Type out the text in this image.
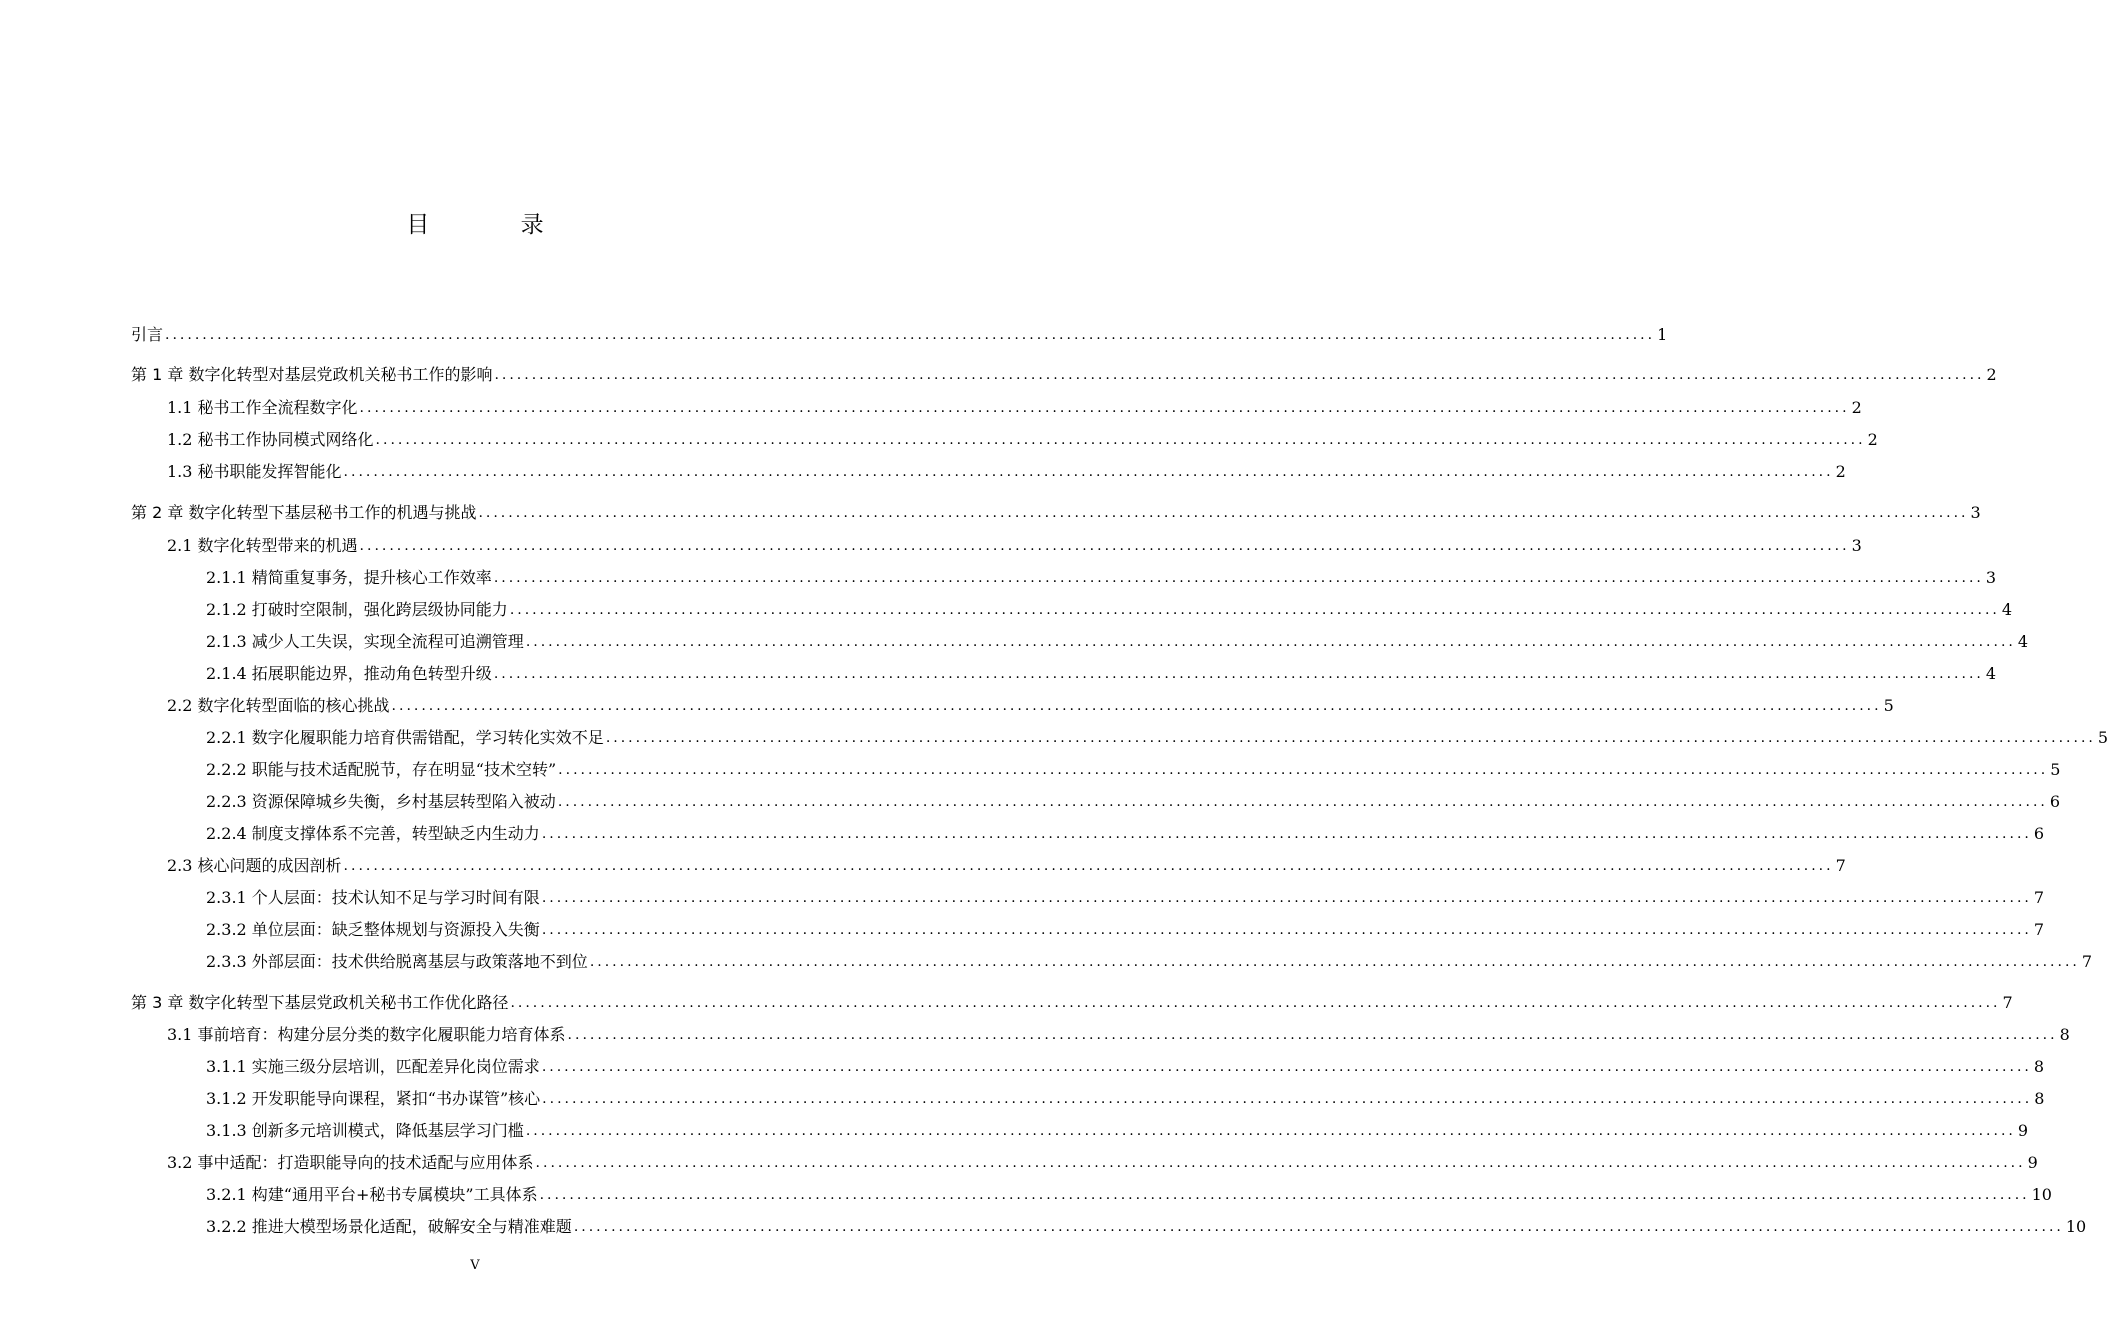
目 录
引言 ........................................................................................................................................................................................................ 1
第 1 章 数字化转型对基层党政机关秘书工作的影响 ........................................................................................................................................................................................................ 2
1.1 秘书工作全流程数字化 ........................................................................................................................................................................................................ 2
1.2 秘书工作协同模式网络化 ........................................................................................................................................................................................................ 2
1.3 秘书职能发挥智能化 ........................................................................................................................................................................................................ 2
第 2 章 数字化转型下基层秘书工作的机遇与挑战 ........................................................................................................................................................................................................ 3
2.1 数字化转型带来的机遇 ........................................................................................................................................................................................................ 3
2.1.1 精简重复事务，提升核心工作效率 ........................................................................................................................................................................................................ 3
2.1.2 打破时空限制，强化跨层级协同能力 ........................................................................................................................................................................................................ 4
2.1.3 减少人工失误，实现全流程可追溯管理 ........................................................................................................................................................................................................ 4
2.1.4 拓展职能边界，推动角色转型升级 ........................................................................................................................................................................................................ 4
2.2 数字化转型面临的核心挑战 ........................................................................................................................................................................................................ 5
2.2.1 数字化履职能力培育供需错配，学习转化实效不足 ........................................................................................................................................................................................................ 5
2.2.2 职能与技术适配脱节，存在明显“技术空转” ........................................................................................................................................................................................................ 5
2.2.3 资源保障城乡失衡，乡村基层转型陷入被动 ........................................................................................................................................................................................................ 6
2.2.4 制度支撑体系不完善，转型缺乏内生动力 ........................................................................................................................................................................................................ 6
2.3 核心问题的成因剖析 ........................................................................................................................................................................................................ 7
2.3.1 个人层面：技术认知不足与学习时间有限 ........................................................................................................................................................................................................ 7
2.3.2 单位层面：缺乏整体规划与资源投入失衡 ........................................................................................................................................................................................................ 7
2.3.3 外部层面：技术供给脱离基层与政策落地不到位 ........................................................................................................................................................................................................ 7
第 3 章 数字化转型下基层党政机关秘书工作优化路径 ........................................................................................................................................................................................................ 7
3.1 事前培育：构建分层分类的数字化履职能力培育体系 ........................................................................................................................................................................................................ 8
3.1.1 实施三级分层培训，匹配差异化岗位需求 ........................................................................................................................................................................................................ 8
3.1.2 开发职能导向课程，紧扣“书办谋管”核心 ........................................................................................................................................................................................................ 8
3.1.3 创新多元培训模式，降低基层学习门槛 ........................................................................................................................................................................................................ 9
3.2 事中适配：打造职能导向的技术适配与应用体系 ........................................................................................................................................................................................................ 9
3.2.1 构建“通用平台+秘书专属模块”工具体系 ........................................................................................................................................................................................................ 10
3.2.2 推进大模型场景化适配，破解安全与精准难题 ........................................................................................................................................................................................................ 10
V
